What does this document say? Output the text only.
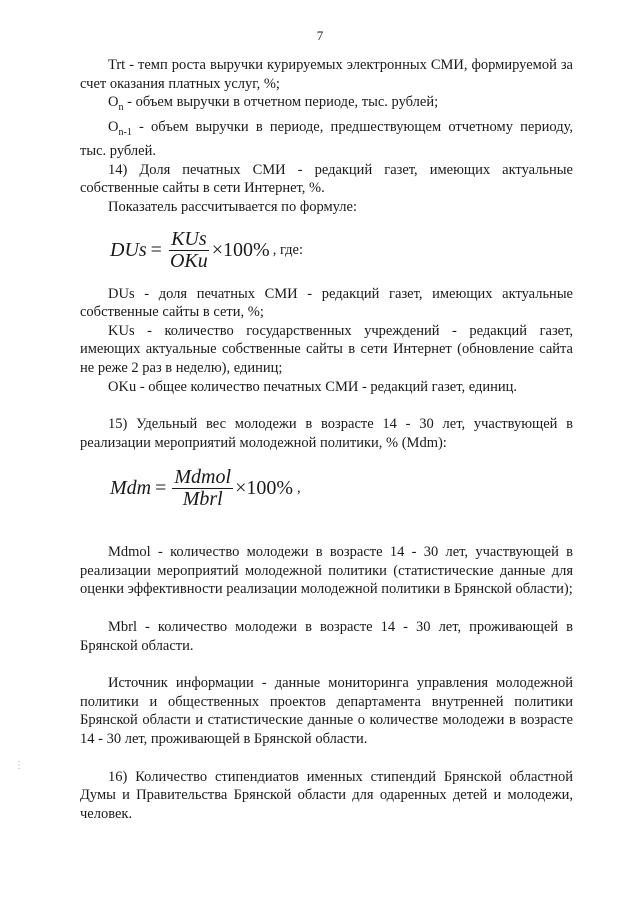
7

Trt - темп роста выручки курируемых электронных СМИ, формируемой за счет оказания платных услуг, %;

$О_n$ - объем выручки в отчетном периоде, тыс. рублей;

$О_{n-1}$ - объем выручки в периоде, предшествующем отчетному периоду, тыс. рублей.

14) Доля печатных СМИ - редакций газет, имеющих актуальные собственные сайты в сети Интернет, %.

Показатель рассчитывается по формуле:

DUs = $\frac{\text{KUs}}{\text{OKu}} \times 100\%$ , где:

DUs - доля печатных СМИ - редакций газет, имеющих актуальные собственные сайты в сети, %;

KUs - количество государственных учреждений - редакций газет, имеющих актуальные собственные сайты в сети Интернет (обновление сайта не реже 2 раз в неделю), единиц;

OKu - общее количество печатных СМИ - редакций газет, единиц.

15) Удельный вес молодежи в возрасте 14 - 30 лет, участвующей в реализации мероприятий молодежной политики, % (Mdm):

Mdm = $\frac{\text{Mdmol}}{\text{Mbrl}} \times 100\%$ ,

Mdmol - количество молодежи в возрасте 14 - 30 лет, участвующей в реализации мероприятий молодежной политики (статистические данные для оценки эффективности реализации молодежной политики в Брянской области);

Mbrl - количество молодежи в возрасте 14 - 30 лет, проживающей в Брянской области.

Источник информации - данные мониторинга управления молодежной политики и общественных проектов департамента внутренней политики Брянской области и статистические данные о количестве молодежи в возрасте 14 - 30 лет, проживающей в Брянской области.

16) Количество стипендиатов именных стипендий Брянской областной Думы и Правительства Брянской области для одаренных детей и молодежи, человек.

⋮
